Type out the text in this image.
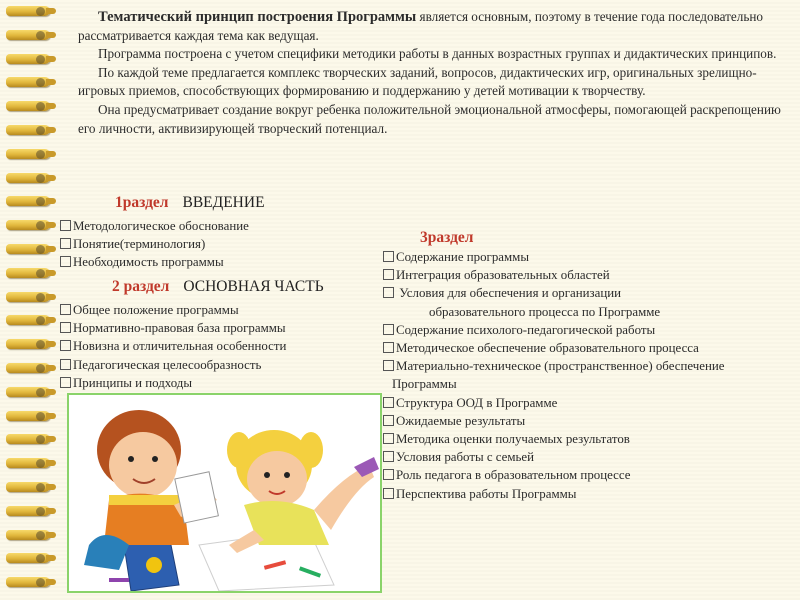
Тематический принцип построения Программы является основным, поэтому в течение года последовательно рассматривается каждая тема как ведущая.

Программа построена с учетом специфики методики работы в данных возрастных группах и дидактических принципов.

По каждой теме предлагается комплекс творческих заданий, вопросов, дидактических игр, оригинальных зрелищно-игровых приемов, способствующих формированию и поддержанию у детей мотивации к творчеству.

Она предусматривает создание вокруг ребенка положительной эмоциональной атмосферы, помогающей раскрепощению его личности, активизирующей творческий потенциал.

1раздел ВВЕДЕНИЕ
Методологическое обоснование
Понятие(терминология)
Необходимость программы
2 раздел ОСНОВНАЯ ЧАСТЬ
Общее положение программы
Нормативно-правовая база программы
Новизна и отличительная особенности
Педагогическая целесообразность
Принципы и подходы
3раздел
Содержание программы
Интеграция образовательных областей
Условия для обеспечения и организации
образовательного процесса по Программе
Содержание психолого-педагогической работы
Методическое обеспечение образовательного процесса
Материально-техническое (пространственное) обеспечение
Программы
Структура ООД в Программе
Ожидаемые результаты
Методика оценки получаемых результатов
Условия работы с семьей
Роль педагога в образовательном процессе
Перспектива работы Программы
